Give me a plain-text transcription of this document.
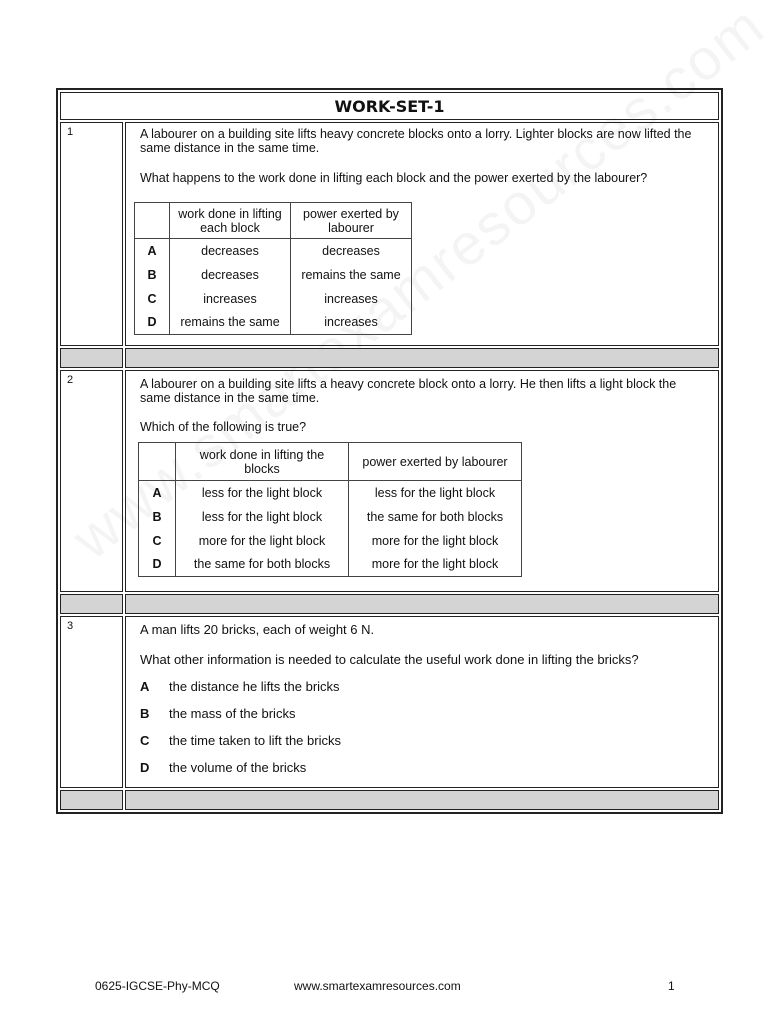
WORK-SET-1
1	A labourer on a building site lifts heavy concrete blocks onto a lorry. Lighter blocks are now lifted the same distance in the same time.

What happens to the work done in lifting each block and the power exerted by the labourer?

	work done in lifting each block	power exerted by labourer
A	decreases	decreases
B	decreases	remains the same
C	increases	increases
D	remains the same	increases
2	A labourer on a building site lifts a heavy concrete block onto a lorry. He then lifts a light block the same distance in the same time.

Which of the following is true?

	work done in lifting the blocks	power exerted by labourer
A	less for the light block	less for the light block
B	less for the light block	the same for both blocks
C	more for the light block	more for the light block
D	the same for both blocks	more for the light block
3	A man lifts 20 bricks, each of weight 6 N.

What other information is needed to calculate the useful work done in lifting the bricks?

A	the distance he lifts the bricks
B	the mass of the bricks
C	the time taken to lift the bricks
D	the volume of the bricks
0625-IGCSE-Phy-MCQ	www.smartexamresources.com	1
